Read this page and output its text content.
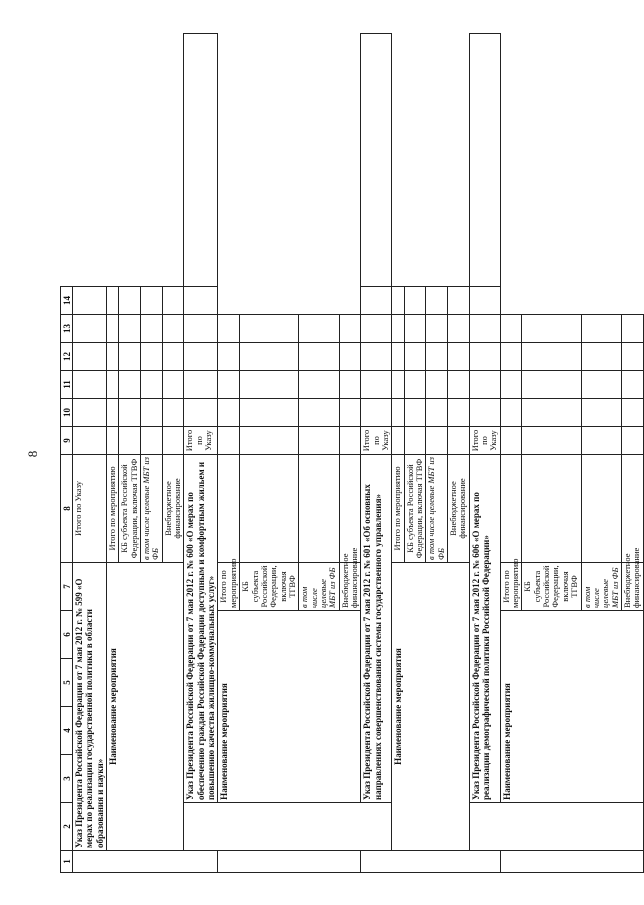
8
1	2	3	4	5	6	7	8	9	10	11	12	13	14	
	Указ Президента Российской Федерации от 7 мая 2012 г. № 599 «О мерах по реализации государственной политики в области образования и науки»						Итого по Указу							
	Наименование мероприятия						Итого по мероприятию							
							КБ субъекта Российской Федерации, включая ТГВФ							

							в том числе целевые МБТ из ФБ							

							Внебюджетное финансирование							
		Указ Президента Российской Федерации от 7 мая 2012 г. № 600 «О мерах по обеспечению граждан Российской Федерации доступным и комфортным жильем и повышению качества жилищно-коммунальных услуг»						Итого по Указу						
Наименование мероприятия						Итого по мероприятию								
						КБ субъекта Российской Федерации, включая ТГВФ								

						в том числе целевые МБТ из ФБ								

						Внебюджетное финансирование								
		Указ Президента Российской Федерации от 7 мая 2012 г. № 601 «Об основных направлениях совершенствования системы государственного управления»						Итого по Указу						
	Наименование мероприятия						Итого по мероприятию							
							КБ субъекта Российской Федерации, включая ТГВФ							

							в том числе целевые МБТ из ФБ							

							Внебюджетное финансирование							
		Указ Президента Российской Федерации от 7 мая 2012 г. № 606 «О мерах по реализации демографической политики Российской Федерации»						Итого по Указу						
Наименование мероприятия						Итого по мероприятию								
						КБ субъекта Российской Федерации, включая ТГВФ								

						в том числе целевые МБТ из ФБ								

						Внебюджетное финансирование								
